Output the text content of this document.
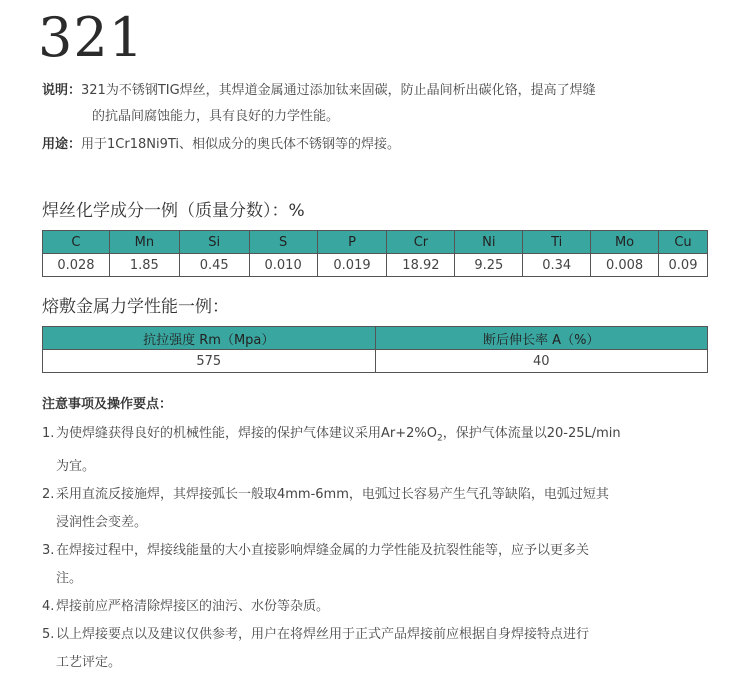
321
说明：321为不锈钢TIG焊丝，其焊道金属通过添加钛来固碳，防止晶间析出碳化铬，提高了焊缝
的抗晶间腐蚀能力，具有良好的力学性能。
用途：用于1Cr18Ni9Ti、相似成分的奥氏体不锈钢等的焊接。
焊丝化学成分一例（质量分数）：%
C	Mn	Si	S	P	Cr	Ni	Ti	Mo	Cu
0.028	1.85	0.45	0.010	0.019	18.92	9.25	0.34	0.008	0.09
熔敷金属力学性能一例：
抗拉强度 Rm（Mpa）	断后伸长率 A（%）
575	40
注意事项及操作要点：
1. 为使焊缝获得良好的机械性能，焊接的保护气体建议采用$Ar+2\%O_2$，保护气体流量以20-25L/min
为宜。
2. 采用直流反接施焊，其焊接弧长一般取4mm-6mm，电弧过长容易产生气孔等缺陷，电弧过短其
浸润性会变差。
3. 在焊接过程中，焊接线能量的大小直接影响焊缝金属的力学性能及抗裂性能等，应予以更多关
注。
4. 焊接前应严格清除焊接区的油污、水份等杂质。
5. 以上焊接要点以及建议仅供参考，用户在将焊丝用于正式产品焊接前应根据自身焊接特点进行
工艺评定。
